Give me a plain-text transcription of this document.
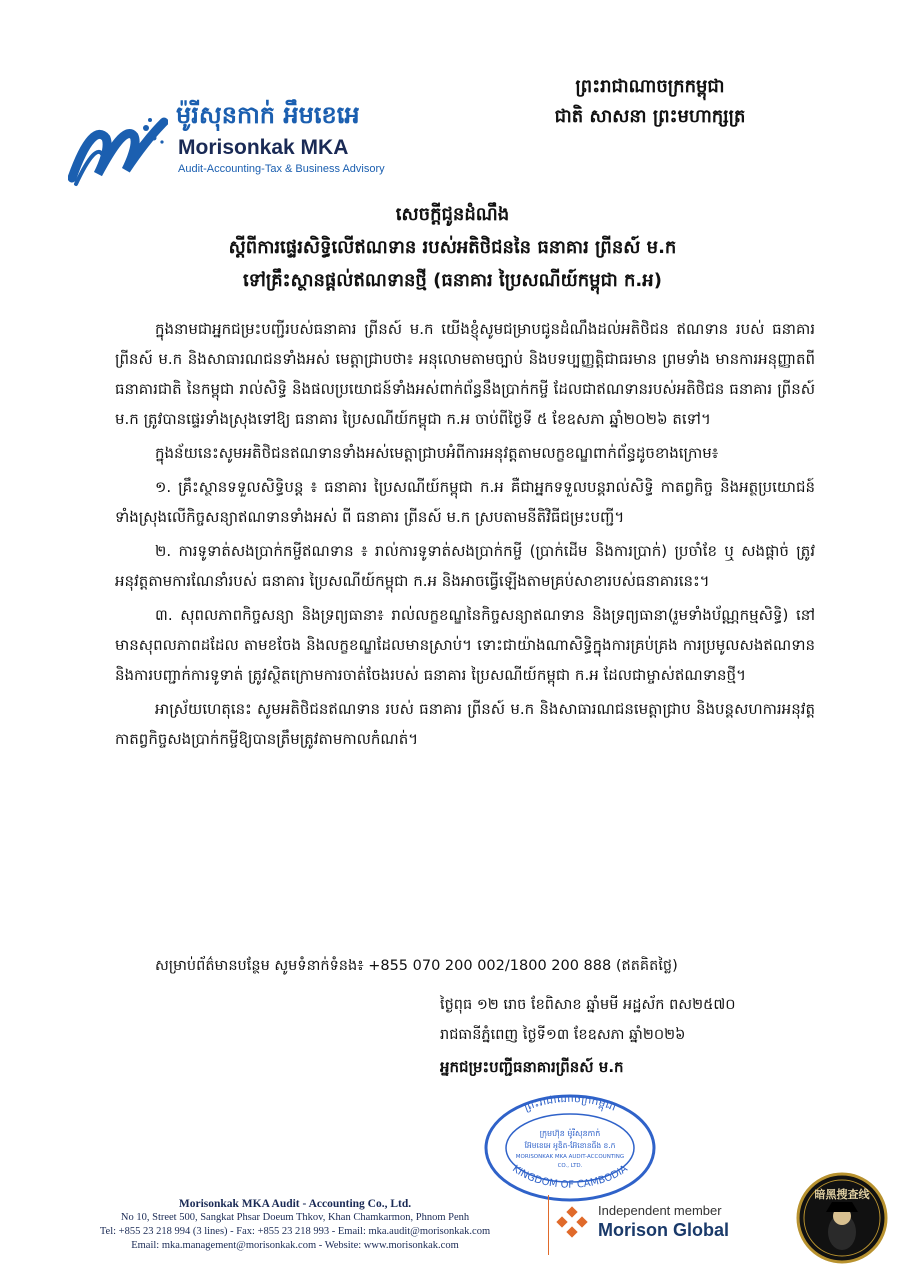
ម៉ូរីសុនកាក់ អឹមខេអេ
Morisonkak MKA
Audit-Accounting-Tax & Business Advisory
ព្រះរាជាណាចក្រកម្ពុជា
ជាតិ សាសនា ព្រះមហាក្សត្រ
សេចក្ដីជូនដំណឹង
ស្ដីពីការផ្ទេរសិទ្ធិលើឥណទាន របស់អតិថិជននៃ ធនាគារ ព្រីនស៍ ម.ក
ទៅគ្រឹះស្ថានផ្ដល់ឥណទានថ្មី (ធនាគារ ប្រៃសណីយ៍កម្ពុជា ក.អ)

ក្នុងនាមជាអ្នកជម្រះបញ្ជីរបស់ធនាគារ ព្រីនស៍ ម.ក យើងខ្ញុំសូមជម្រាបជូនដំណឹងដល់អតិថិជន ឥណទាន របស់ ធនាគារ ព្រីនស៍ ម.ក និងសាធារណជនទាំងអស់ មេត្តាជ្រាបថា៖ អនុលោមតាមច្បាប់ និងបទប្បញ្ញត្តិជាធរមាន ព្រមទាំង មានការអនុញ្ញាតពី ធនាគារជាតិ នៃកម្ពុជា រាល់សិទ្ធិ និងផលប្រយោជន៍ទាំងអស់ពាក់ព័ន្ធនឹងប្រាក់កម្ចី ដែលជាឥណទានរបស់អតិថិជន ធនាគារ ព្រីនស៍ ម.ក ត្រូវបានផ្ទេរទាំងស្រុងទៅឱ្យ ធនាគារ ប្រៃសណីយ៍កម្ពុជា ក.អ ចាប់ពីថ្ងៃទី ៥ ខែឧសភា ឆ្នាំ២០២៦ តទៅ។

ក្នុងន័យនេះសូមអតិថិជនឥណទានទាំងអស់មេត្តាជ្រាបអំពីការអនុវត្តតាមលក្ខខណ្ឌពាក់ព័ន្ធដូចខាងក្រោម៖

១. គ្រឹះស្ថានទទួលសិទ្ធិបន្ត ៖ ធនាគារ ប្រៃសណីយ៍កម្ពុជា ក.អ គឺជាអ្នកទទួលបន្តរាល់សិទ្ធិ កាតព្វកិច្ច និងអត្ថប្រយោជន៍ទាំងស្រុងលើកិច្ចសន្យាឥណទានទាំងអស់ ពី ធនាគារ ព្រីនស៍ ម.ក ស្របតាមនីតិវិធីជម្រះបញ្ជី។

២. ការទូទាត់សងប្រាក់កម្ចីឥណទាន ៖ រាល់ការទូទាត់សងប្រាក់កម្ចី (ប្រាក់ដើម និងការប្រាក់) ប្រចាំខែ ឬ សងផ្ដាច់ ត្រូវអនុវត្តតាមការណែនាំរបស់ ធនាគារ ប្រៃសណីយ៍កម្ពុជា ក.អ និងអាចធ្វើឡើងតាមគ្រប់សាខារបស់ធនាគារនេះ។

៣. សុពលភាពកិច្ចសន្យា និងទ្រព្យធានា៖ រាល់លក្ខខណ្ឌនៃកិច្ចសន្យាឥណទាន និងទ្រព្យធានា(រួមទាំងប័ណ្ណកម្មសិទ្ធិ) នៅមានសុពលភាពដដែល តាមខចែង និងលក្ខខណ្ឌដែលមានស្រាប់។ ទោះជាយ៉ាងណាសិទ្ធិក្នុងការគ្រប់គ្រង ការប្រមូលសងឥណទាន និងការបញ្ជាក់ការទូទាត់ ត្រូវស្ថិតក្រោមការចាត់ចែងរបស់ ធនាគារ ប្រៃសណីយ៍កម្ពុជា ក.អ ដែលជាម្ចាស់ឥណទានថ្មី។

អាស្រ័យហេតុនេះ សូមអតិថិជនឥណទាន របស់ ធនាគារ ព្រីនស៍ ម.ក និងសាធារណជនមេត្តាជ្រាប និងបន្តសហការអនុវត្តកាតព្វកិច្ចសងប្រាក់កម្ចីឱ្យបានត្រឹមត្រូវតាមកាលកំណត់។

សម្រាប់ព័ត៌មានបន្ថែម សូមទំនាក់ទំនង៖ +855 070 200 002/1800 200 888 (ឥតគិតថ្លៃ)
ថ្ងៃពុធ ១២ រោច ខែពិសាខ ឆ្នាំមមី អដ្ឋស័ក ពស២៥៧០
រាជធានីភ្នំពេញ ថ្ងៃទី១៣ ខែឧសភា ឆ្នាំ២០២៦
អ្នកជម្រះបញ្ជីធនាគារព្រីនស៍ ម.ក
ព្រះរាជាណាចក្រកម្ពុជា
KINGDOM OF CAMBODIA
ក្រុមហ៊ុន ម៉ូរីសុនកាក់
អ៊ែមខេអេ អូឌិត-អ៊ែខោនធីង ខ.ក
MORISONKAK MKA AUDIT-ACCOUNTING
CO., LTD.
Morisonkak MKA Audit - Accounting Co., Ltd.
No 10, Street 500, Sangkat Phsar Doeum Thkov, Khan Chamkarmon, Phnom Penh
Tel: +855 23 218 994 (3 lines) - Fax: +855 23 218 993 - Email: mka.audit@morisonkak.com
Email: mka.management@morisonkak.com - Website: www.morisonkak.com
Independent member
Morison Global
暗黑搜查线
